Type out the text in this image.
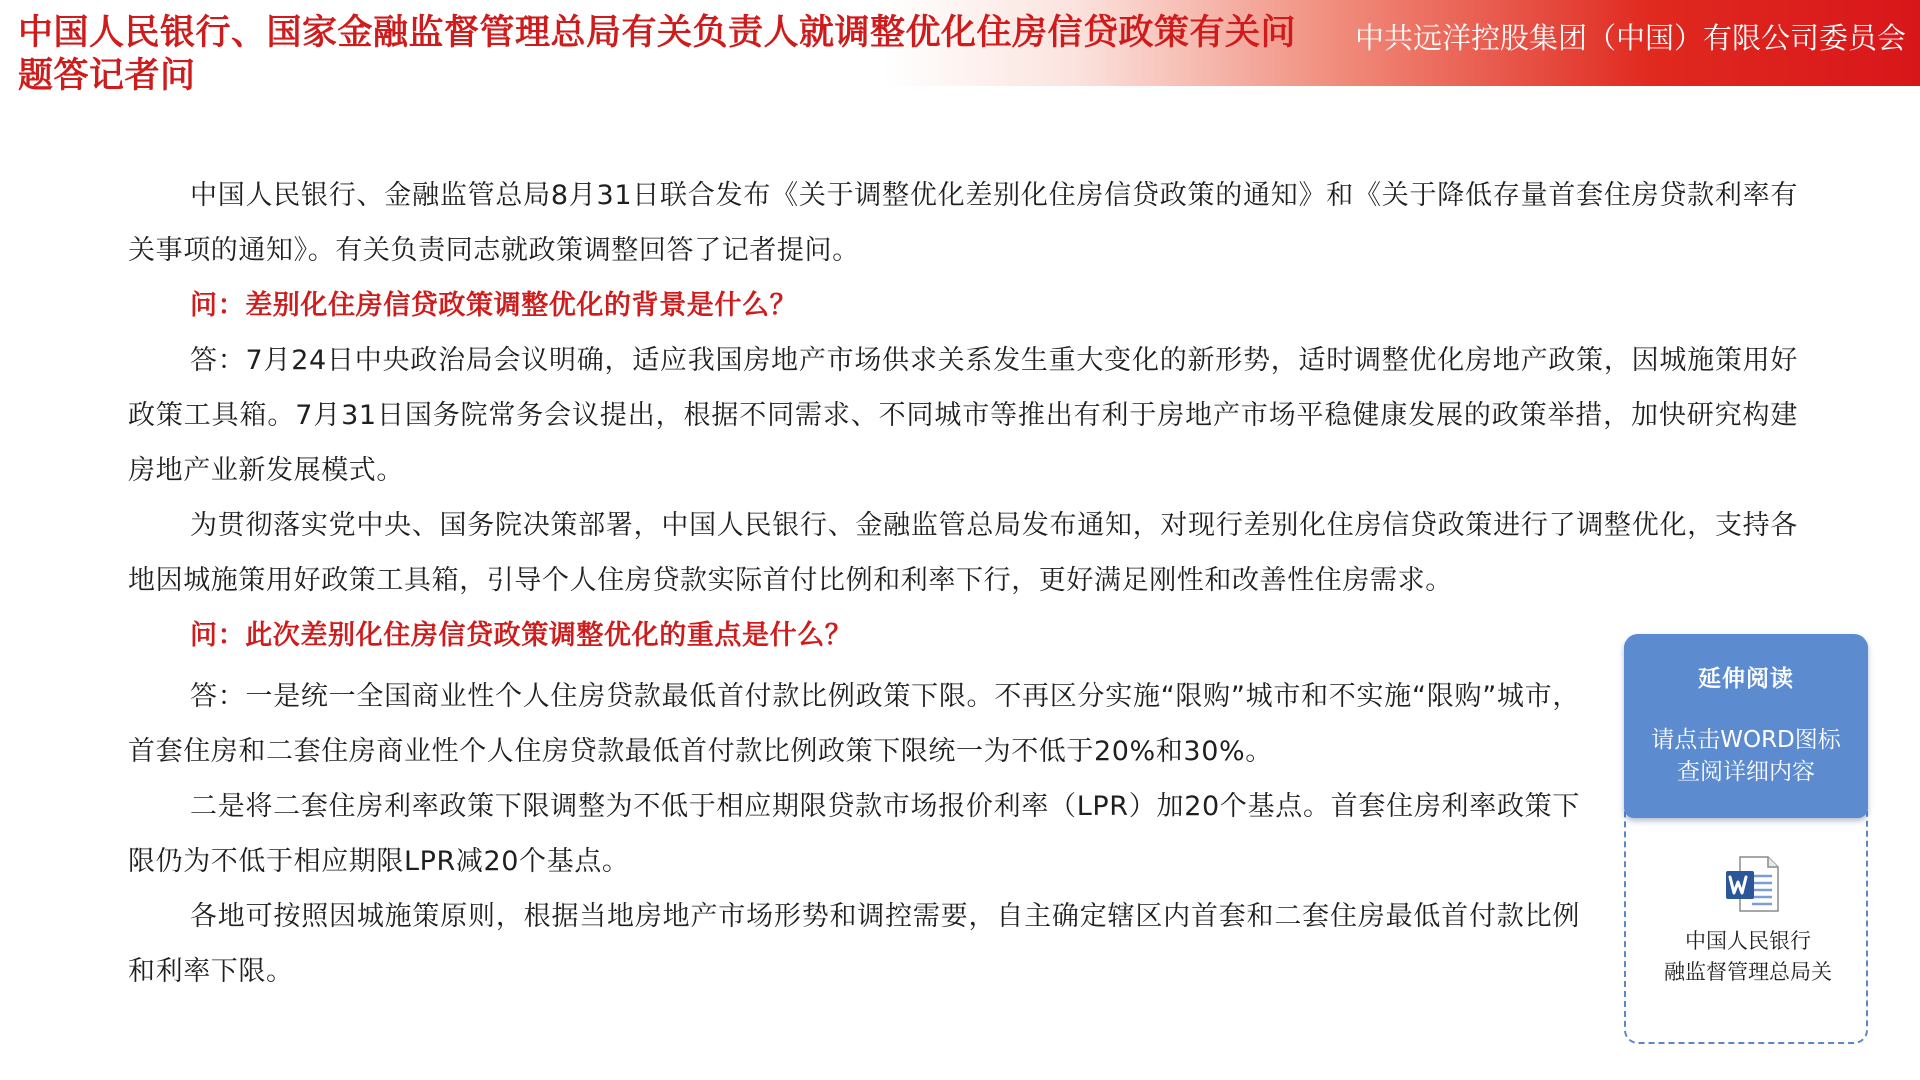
中国人民银行、国家金融监督管理总局有关负责人就调整优化住房信贷政策有关问题答记者问
中共远洋控股集团（中国）有限公司委员会

中国人民银行、金融监管总局8月31日联合发布《关于调整优化差别化住房信贷政策的通知》和《关于降低存量首套住房贷款利率有关事项的通知》。有关负责同志就政策调整回答了记者提问。

问：差别化住房信贷政策调整优化的背景是什么？

答：7月24日中央政治局会议明确，适应我国房地产市场供求关系发生重大变化的新形势，适时调整优化房地产政策，因城施策用好政策工具箱。7月31日国务院常务会议提出，根据不同需求、不同城市等推出有利于房地产市场平稳健康发展的政策举措，加快研究构建房地产业新发展模式。

为贯彻落实党中央、国务院决策部署，中国人民银行、金融监管总局发布通知，对现行差别化住房信贷政策进行了调整优化，支持各地因城施策用好政策工具箱，引导个人住房贷款实际首付比例和利率下行，更好满足刚性和改善性住房需求。

问：此次差别化住房信贷政策调整优化的重点是什么？

答：一是统一全国商业性个人住房贷款最低首付款比例政策下限。不再区分实施“限购”城市和不实施“限购”城市，首套住房和二套住房商业性个人住房贷款最低首付款比例政策下限统一为不低于20%和30%。

二是将二套住房利率政策下限调整为不低于相应期限贷款市场报价利率（LPR）加20个基点。首套住房利率政策下限仍为不低于相应期限LPR减20个基点。

各地可按照因城施策原则，根据当地房地产市场形势和调控需要，自主确定辖区内首套和二套住房最低首付款比例和利率下限。

延伸阅读
请点击WORD图标查阅详细内容
中国人民银行
融监督管理总局关
